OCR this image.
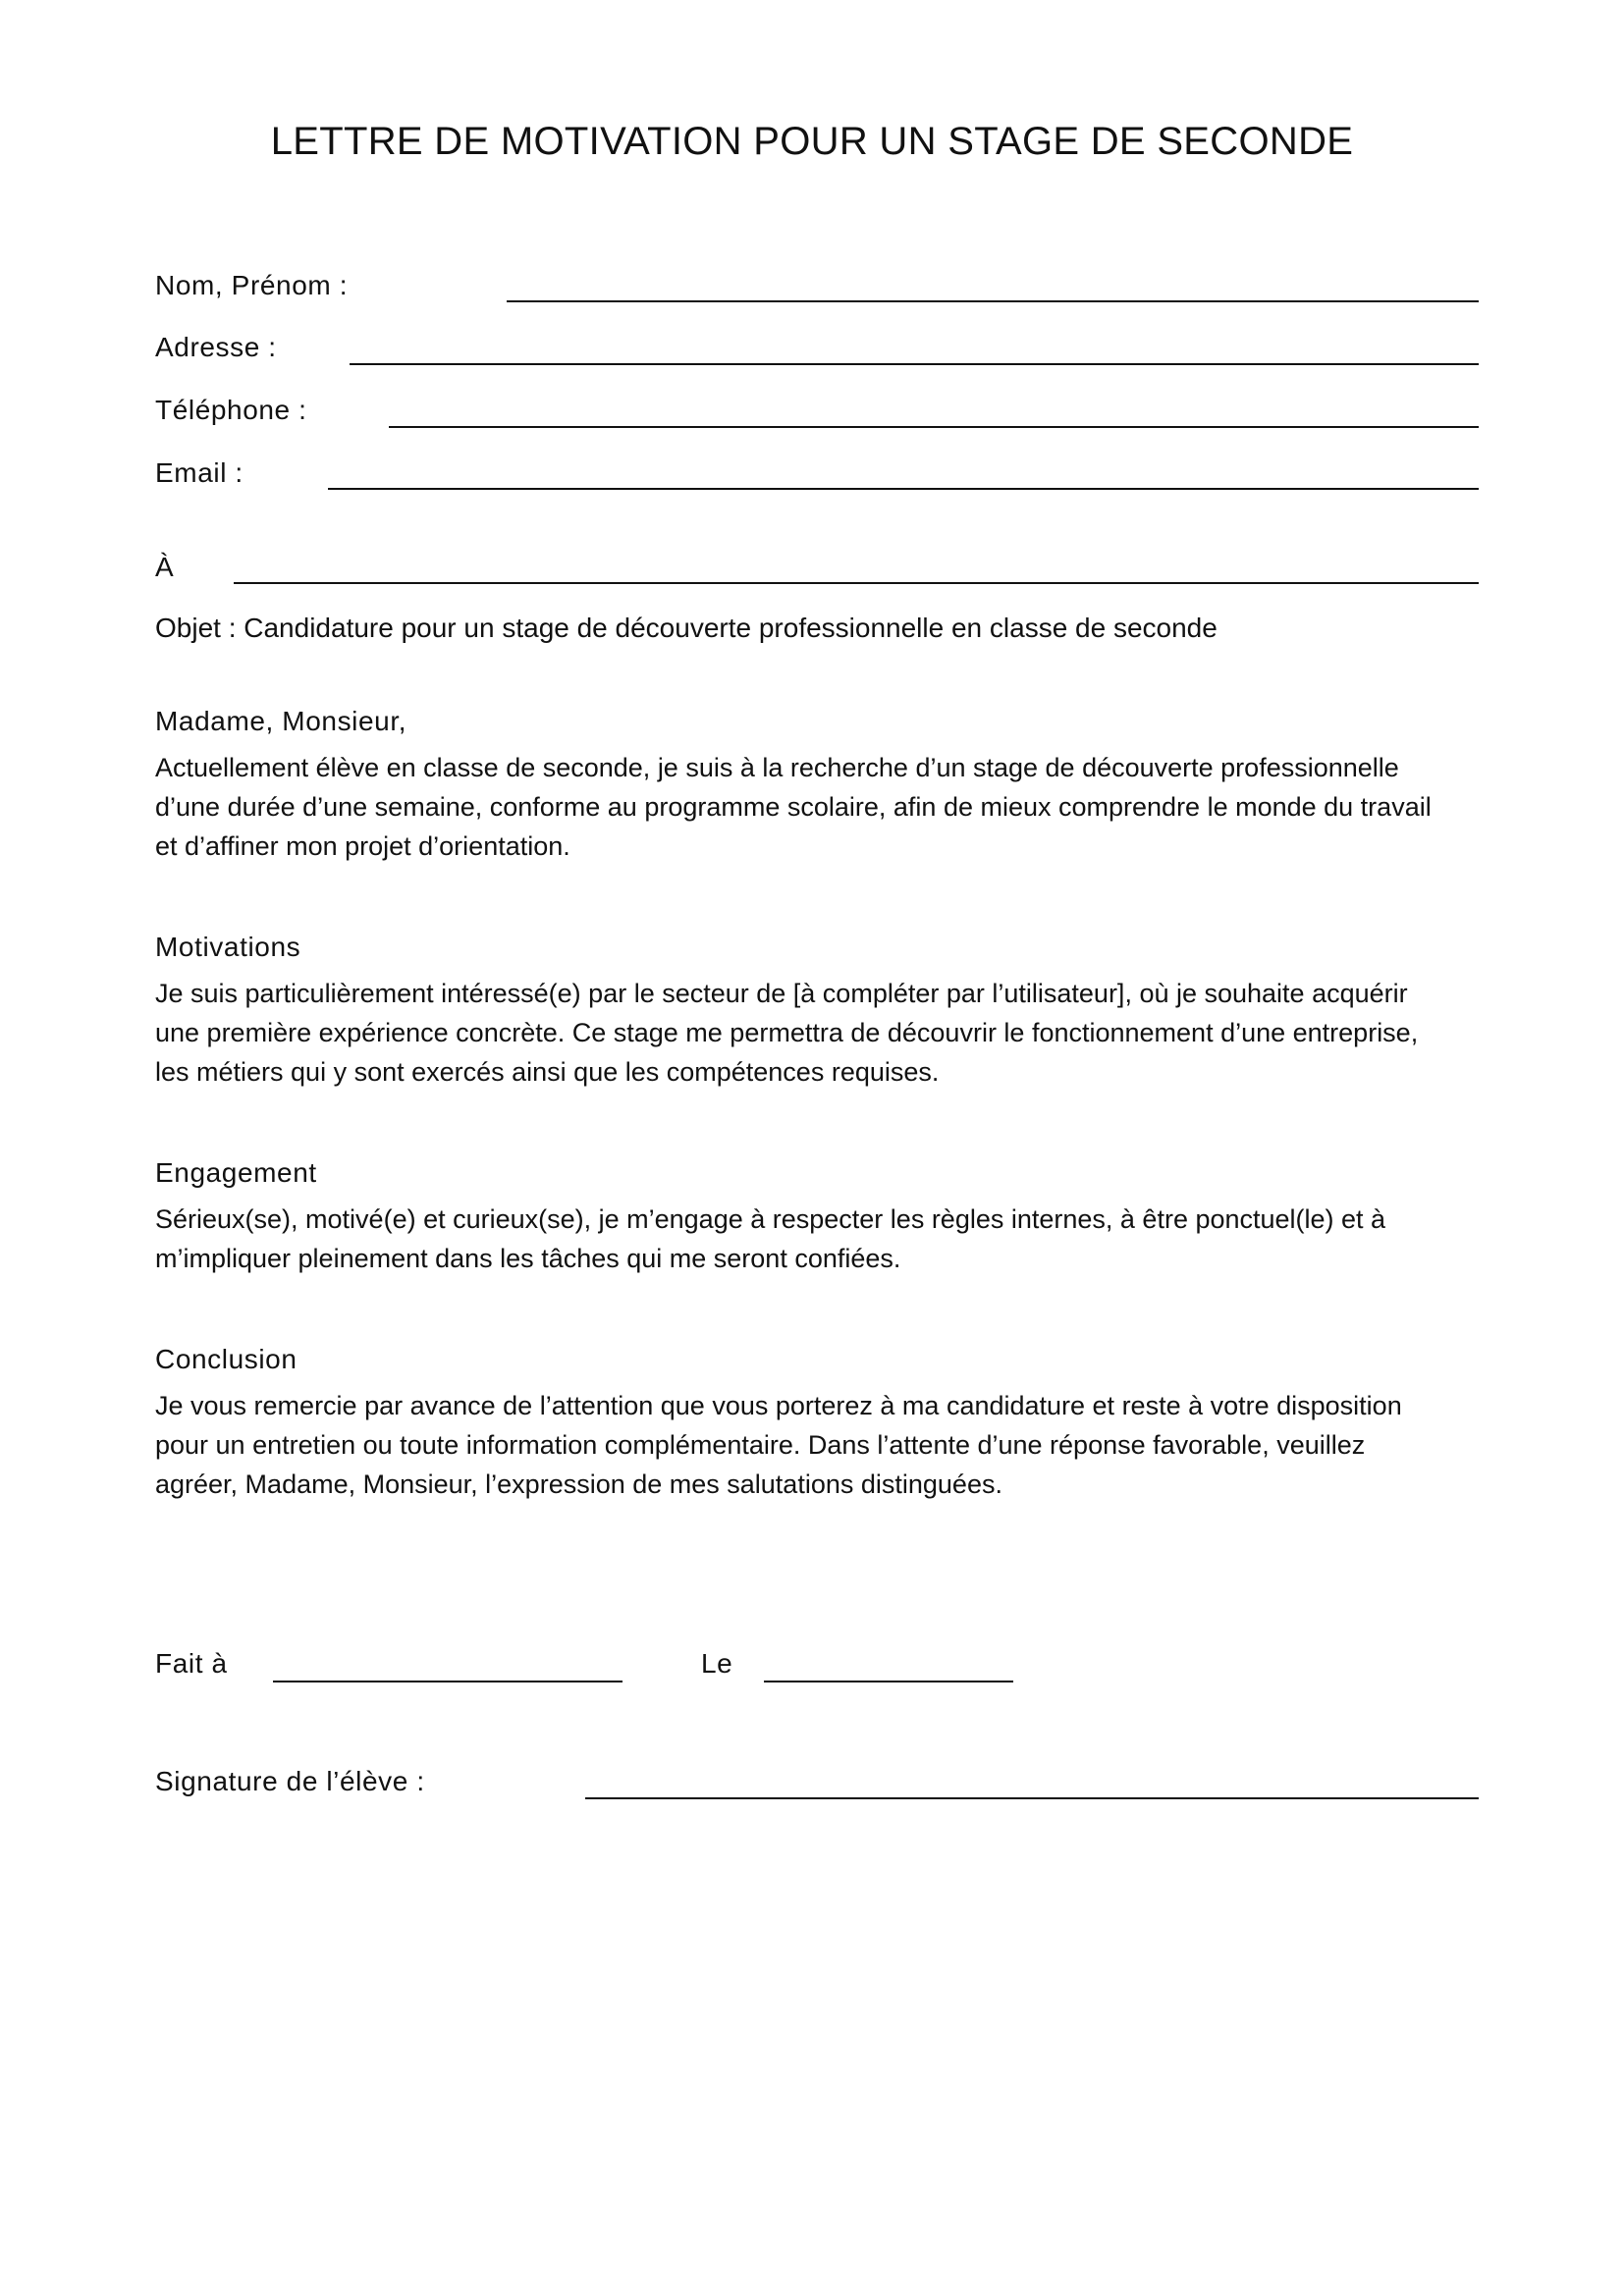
LETTRE DE MOTIVATION POUR UN STAGE DE SECONDE
Nom, Prénom :
Adresse :
Téléphone :
Email :
À
Objet : Candidature pour un stage de découverte professionnelle en classe de seconde
Madame, Monsieur,
Actuellement élève en classe de seconde, je suis à la recherche d’un stage de découverte professionnelle
d’une durée d’une semaine, conforme au programme scolaire, afin de mieux comprendre le monde du travail
et d’affiner mon projet d’orientation.
Motivations
Je suis particulièrement intéressé(e) par le secteur de [à compléter par l’utilisateur], où je souhaite acquérir
une première expérience concrète. Ce stage me permettra de découvrir le fonctionnement d’une entreprise,
les métiers qui y sont exercés ainsi que les compétences requises.
Engagement
Sérieux(se), motivé(e) et curieux(se), je m’engage à respecter les règles internes, à être ponctuel(le) et à
m’impliquer pleinement dans les tâches qui me seront confiées.
Conclusion
Je vous remercie par avance de l’attention que vous porterez à ma candidature et reste à votre disposition
pour un entretien ou toute information complémentaire. Dans l’attente d’une réponse favorable, veuillez
agréer, Madame, Monsieur, l’expression de mes salutations distinguées.
Fait à	Le
Signature de l’élève :
